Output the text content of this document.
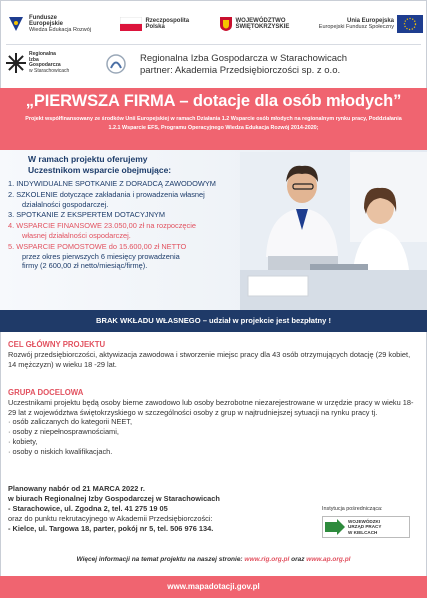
Fundusze
Europejskie
Wiedza Edukacja Rozwój
Rzeczpospolita
Polska
WOJEWÓDZTWO
ŚWIĘTOKRZYSKIE
Unia Europejska
Europejski Fundusz Społeczny
Regionalna
Izba
Gospodarcza
w Starachowicach
Regionalna Izba Gospodarcza w Starachowicach
partner: Akademia Przedsiębiorczości sp. z o.o.
„PIERWSZA FIRMA – dotacje dla osób młodych”
Projekt współfinansowany ze środków Unii Europejskiej w ramach Działania 1.2 Wsparcie osób młodych na regionalnym rynku pracy, Poddziałania 1.2.1 Wsparcie EFS, Programu Operacyjnego Wiedza Edukacja Rozwój 2014-2020;
W ramach projektu oferujemy
Uczestnikom wsparcie obejmujące:
1. INDYWIDUALNE SPOTKANIE Z DORADCĄ ZAWODOWYM
2. SZKOLENIE dotyczące zakładania i prowadzenia własnej
działalności gospodarczej.
3. SPOTKANIE Z EKSPERTEM DOTACYJNYM
4. WSPARCIE FINANSOWE 23.050,00 zł na rozpoczęcie
własnej działalności ospodarczej.
5. WSPARCIE POMOSTOWE do 15.600,00 zł NETTO
przez okres pierwszych 6 miesięcy prowadzenia
firmy (2 600,00 zł netto/miesiąc/firmę).
BRAK WKŁADU WŁASNEGO – udział w projekcie jest bezpłatny !
CEL GŁÓWNY PROJEKTU
Rozwój przedsiębiorczości, aktywizacja zawodowa i stworzenie miejsc pracy dla 43 osób otrzymujących dotację (29 kobiet, 14 mężczyzn) w wieku 18 -29 lat.
GRUPA DOCELOWA
Uczestnikami projektu będą osoby bierne zawodowo lub osoby bezrobotne niezarejestrowane w urzędzie pracy w wieku 18-29 lat z województwa świętokrzyskiego w szczególności osoby z grup w najtrudniejszej sytuacji na rynku pracy tj.
· osób zaliczanych do kategorii NEET,
· osoby z niepełnosprawnościami,
· kobiety,
· osoby o niskich kwalifikacjach.
Planowany nabór od 21 MARCA 2022 r.
w biurach Regionalnej Izby Gospodarczej w Starachowicach
- Starachowice, ul. Zgodna 2, tel. 41 275 19 05
oraz do punktu rekrutacyjnego w Akademii Przedsiębiorczości:
- Kielce, ul. Targowa 18, parter, pokój nr 5, tel. 506 976 134.
Instytucja pośrednicząca:
WOJEWÓDZKI
URZĄD PRACY
W KIELCACH
Więcej informacji na temat projektu na naszej stronie: www.rig.org.pl oraz www.ap.org.pl
www.mapadotacji.gov.pl
